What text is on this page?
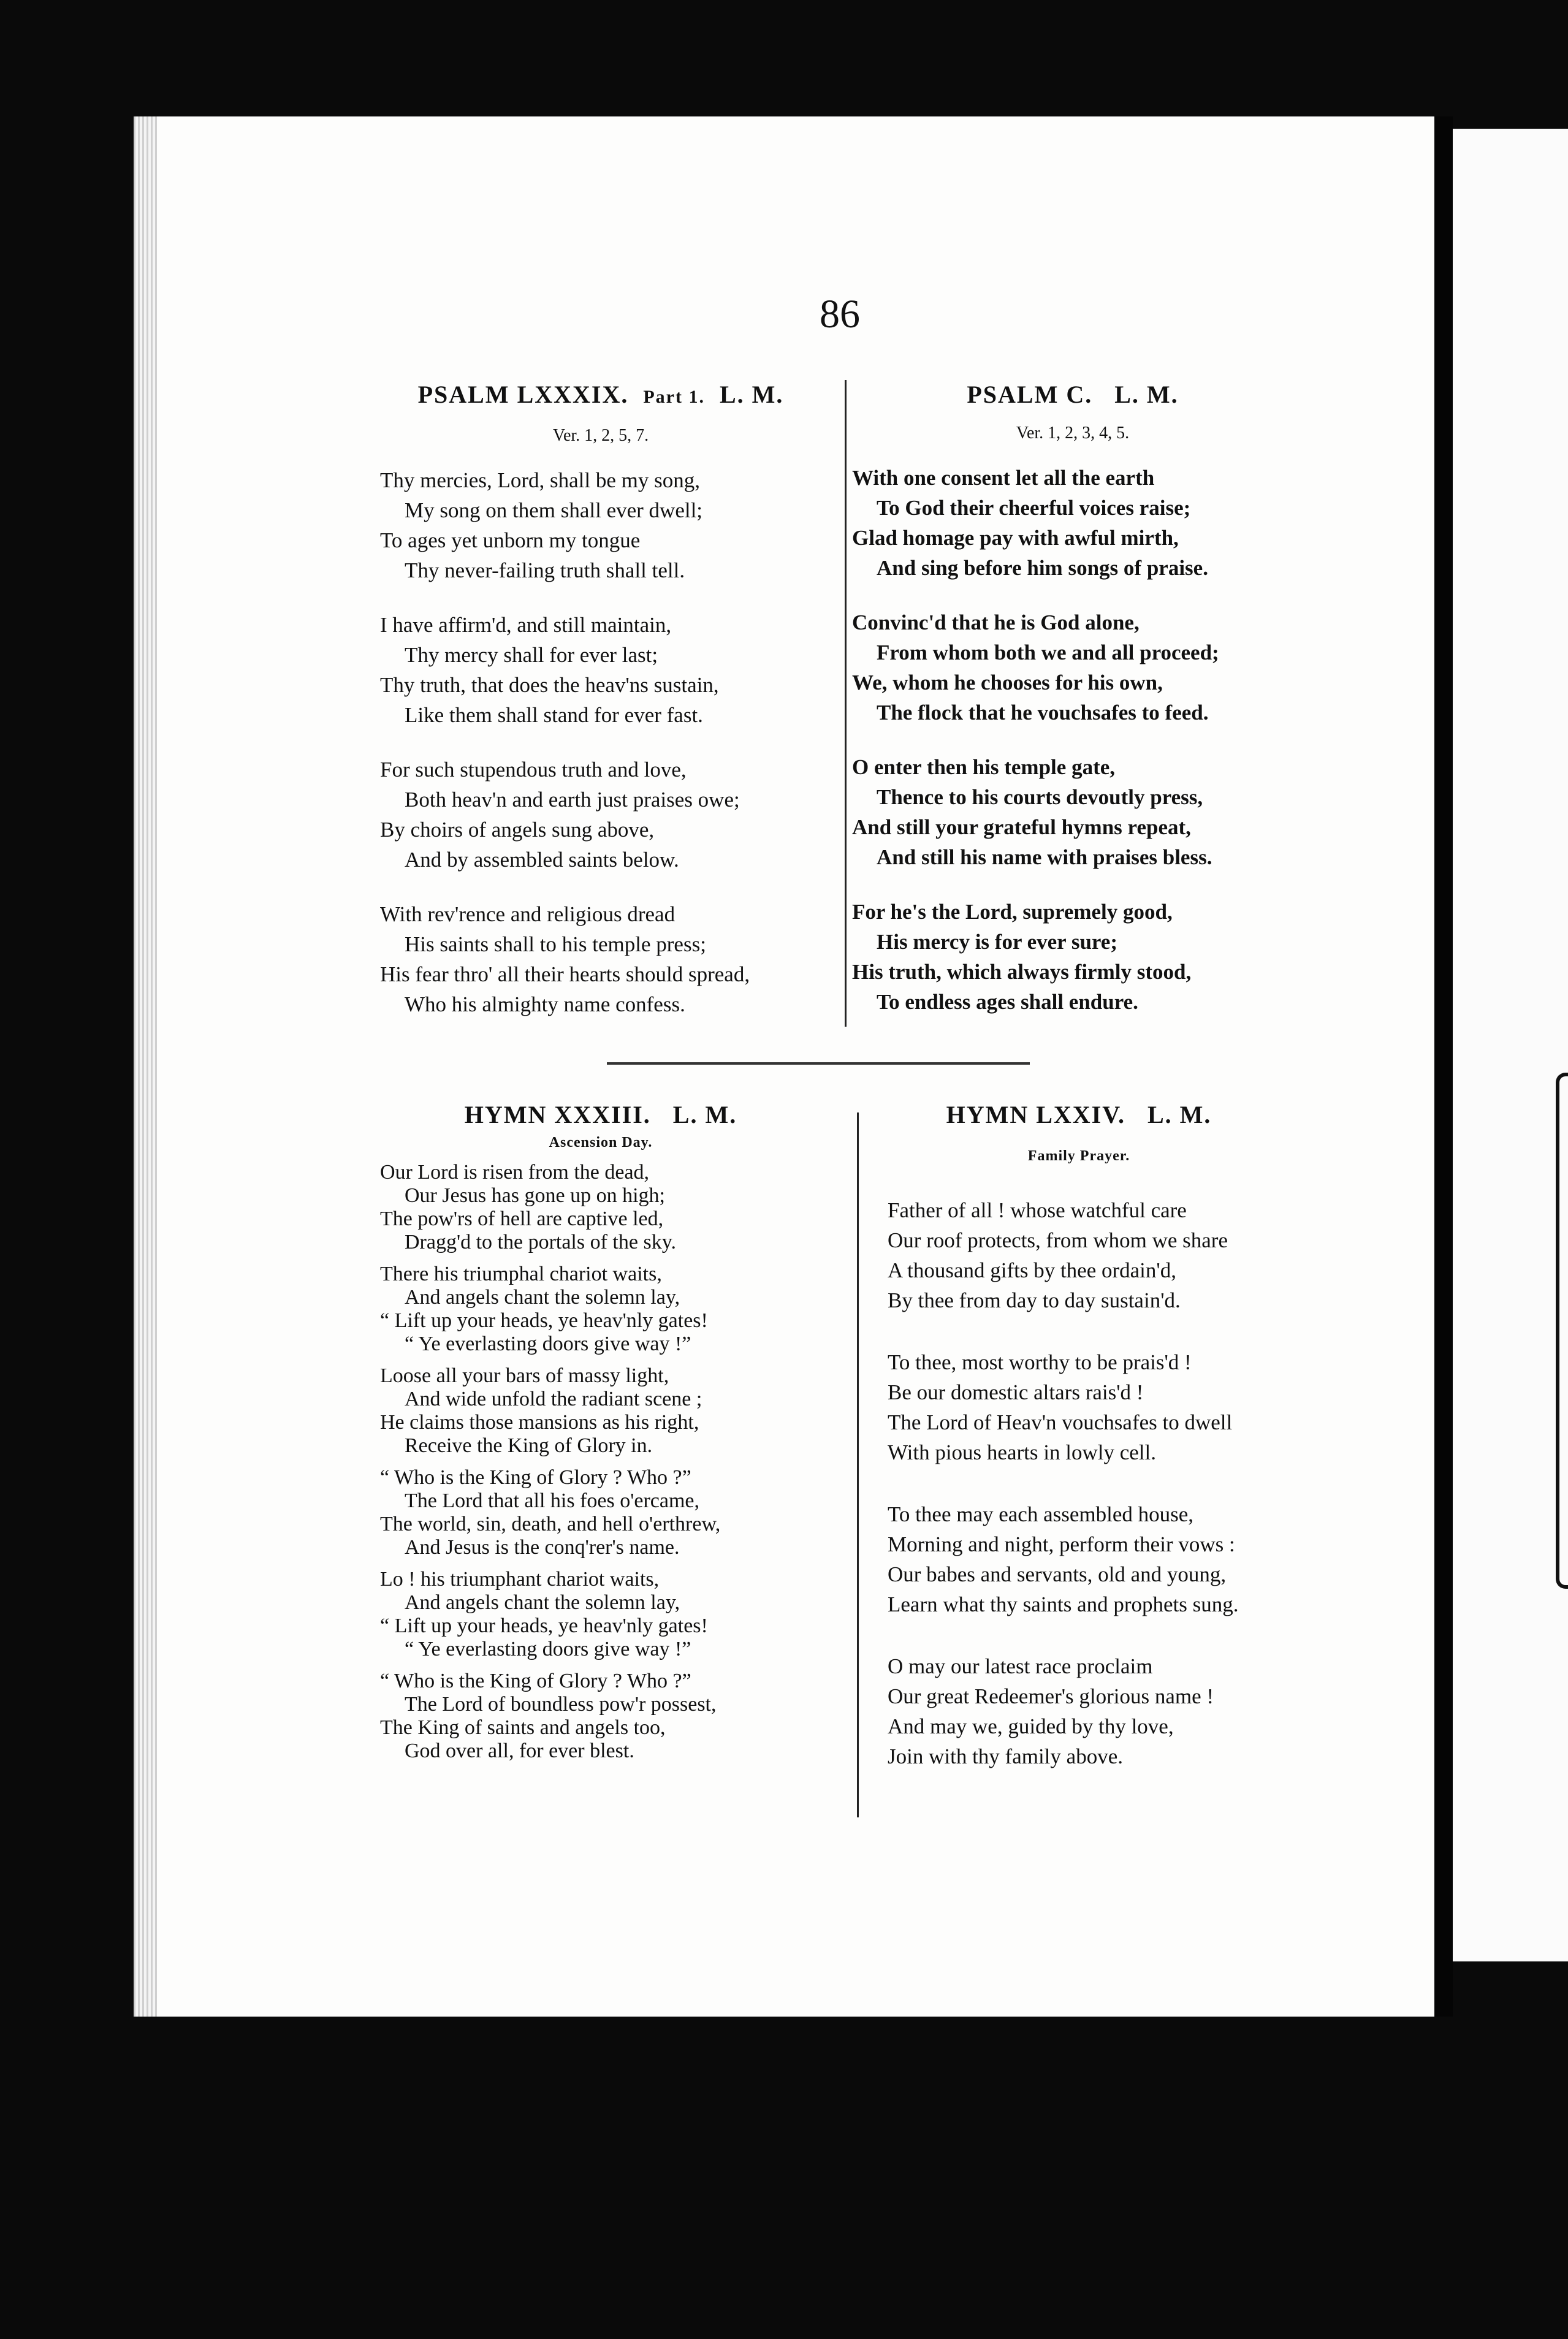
86
PSALM LXXXIX. Part 1. L. M.
Ver. 1, 2, 5, 7.
Thy mercies, Lord, shall be my song,
My song on them shall ever dwell;
To ages yet unborn my tongue
Thy never-failing truth shall tell.
I have affirm'd, and still maintain,
Thy mercy shall for ever last;
Thy truth, that does the heav'ns sustain,
Like them shall stand for ever fast.
For such stupendous truth and love,
Both heav'n and earth just praises owe;
By choirs of angels sung above,
And by assembled saints below.
With rev'rence and religious dread
His saints shall to his temple press;
His fear thro' all their hearts should spread,
Who his almighty name confess.
PSALM C. L. M.
Ver. 1, 2, 3, 4, 5.
With one consent let all the earth
To God their cheerful voices raise;
Glad homage pay with awful mirth,
And sing before him songs of praise.
Convinc'd that he is God alone,
From whom both we and all proceed;
We, whom he chooses for his own,
The flock that he vouchsafes to feed.
O enter then his temple gate,
Thence to his courts devoutly press,
And still your grateful hymns repeat,
And still his name with praises bless.
For he's the Lord, supremely good,
His mercy is for ever sure;
His truth, which always firmly stood,
To endless ages shall endure.
HYMN XXXIII. L. M.
Ascension Day.
Our Lord is risen from the dead,
Our Jesus has gone up on high;
The pow'rs of hell are captive led,
Dragg'd to the portals of the sky.
There his triumphal chariot waits,
And angels chant the solemn lay,
“ Lift up your heads, ye heav'nly gates!
“ Ye everlasting doors give way !”
Loose all your bars of massy light,
And wide unfold the radiant scene ;
He claims those mansions as his right,
Receive the King of Glory in.
“ Who is the King of Glory ? Who ?”
The Lord that all his foes o'ercame,
The world, sin, death, and hell o'erthrew,
And Jesus is the conq'rer's name.
Lo ! his triumphant chariot waits,
And angels chant the solemn lay,
“ Lift up your heads, ye heav'nly gates!
“ Ye everlasting doors give way !”
“ Who is the King of Glory ? Who ?”
The Lord of boundless pow'r possest,
The King of saints and angels too,
God over all, for ever blest.
HYMN LXXIV. L. M.
Family Prayer.
Father of all ! whose watchful care
Our roof protects, from whom we share
A thousand gifts by thee ordain'd,
By thee from day to day sustain'd.
To thee, most worthy to be prais'd !
Be our domestic altars rais'd !
The Lord of Heav'n vouchsafes to dwell
With pious hearts in lowly cell.
To thee may each assembled house,
Morning and night, perform their vows :
Our babes and servants, old and young,
Learn what thy saints and prophets sung.
O may our latest race proclaim
Our great Redeemer's glorious name !
And may we, guided by thy love,
Join with thy family above.
